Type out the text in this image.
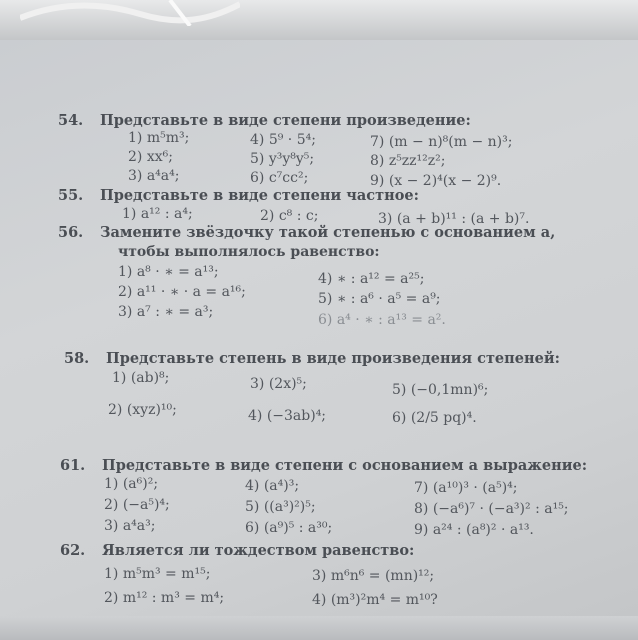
54. Представьте в виде степени произведение:
1) m⁵m³;	4) 5⁹ · 5⁴;	7) (m − n)⁸(m − n)³;
2) xx⁶;	5) y³y⁸y⁵;	8) z⁵zz¹²z²;
3) a⁴a⁴;	6) c⁷cc²;	9) (x − 2)⁴(x − 2)⁹.
55. Представьте в виде степени частное:
1) a¹² : a⁴;	2) c⁸ : c;	3) (a + b)¹¹ : (a + b)⁷.
56. Замените звёздочку такой степенью с основанием a,
чтобы выполнялось равенство:
1) a⁸ · ∗ = a¹³;	4) ∗ : a¹² = a²⁵;
2) a¹¹ · ∗ · a = a¹⁶;	5) ∗ : a⁶ · a⁵ = a⁹;
3) a⁷ : ∗ = a³;	6) a⁴ · ∗ : a¹³ = a².
58. Представьте степень в виде произведения степеней:
1) (ab)⁸;	3) (2x)⁵;	5) (−0,1mn)⁶;
2) (xyz)¹⁰;	4) (−3ab)⁴;	6) (2/5 pq)⁴.
61. Представьте в виде степени с основанием a выражение:
1) (a⁶)²;	4) (a⁴)³;	7) (a¹⁰)³ · (a⁵)⁴;
2) (−a⁵)⁴;	5) ((a³)²)⁵;	8) (−a⁶)⁷ · (−a³)² : a¹⁵;
3) a⁴a³;	6) (a⁹)⁵ : a³⁰;	9) a²⁴ : (a⁸)² · a¹³.
62. Является ли тождеством равенство:
1) m⁵m³ = m¹⁵;	3) m⁶n⁶ = (mn)¹²;
2) m¹² : m³ = m⁴;	4) (m³)²m⁴ = m¹⁰?
